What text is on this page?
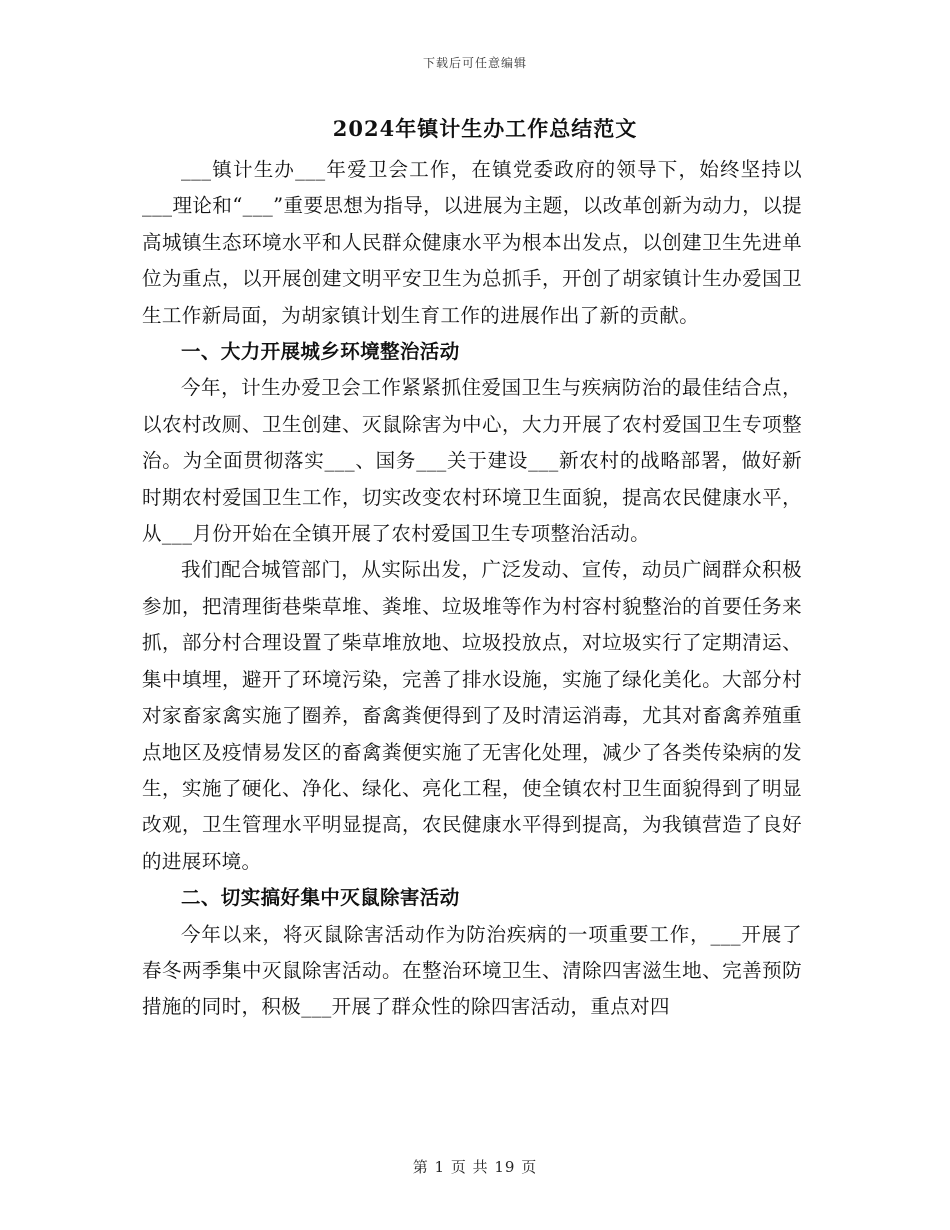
下载后可任意编辑
2024年镇计生办工作总结范文

___镇计生办___年爱卫会工作，在镇党委政府的领导下，始终坚持以___理论和“___”重要思想为指导，以进展为主题，以改革创新为动力，以提高城镇生态环境水平和人民群众健康水平为根本出发点，以创建卫生先进单位为重点，以开展创建文明平安卫生为总抓手，开创了胡家镇计生办爱国卫生工作新局面，为胡家镇计划生育工作的进展作出了新的贡献。

一、大力开展城乡环境整治活动

今年，计生办爱卫会工作紧紧抓住爱国卫生与疾病防治的最佳结合点，以农村改厕、卫生创建、灭鼠除害为中心，大力开展了农村爱国卫生专项整治。为全面贯彻落实___、国务___关于建设___新农村的战略部署，做好新时期农村爱国卫生工作，切实改变农村环境卫生面貌，提高农民健康水平，从___月份开始在全镇开展了农村爱国卫生专项整治活动。

我们配合城管部门，从实际出发，广泛发动、宣传，动员广阔群众积极参加，把清理街巷柴草堆、粪堆、垃圾堆等作为村容村貌整治的首要任务来抓，部分村合理设置了柴草堆放地、垃圾投放点，对垃圾实行了定期清运、集中填埋，避开了环境污染，完善了排水设施，实施了绿化美化。大部分村对家畜家禽实施了圈养，畜禽粪便得到了及时清运消毒，尤其对畜禽养殖重点地区及疫情易发区的畜禽粪便实施了无害化处理，减少了各类传染病的发生，实施了硬化、净化、绿化、亮化工程，使全镇农村卫生面貌得到了明显改观，卫生管理水平明显提高，农民健康水平得到提高，为我镇营造了良好的进展环境。

二、切实搞好集中灭鼠除害活动

今年以来，将灭鼠除害活动作为防治疾病的一项重要工作，___开展了春冬两季集中灭鼠除害活动。在整治环境卫生、清除四害滋生地、完善预防措施的同时，积极___开展了群众性的除四害活动，重点对四

第 1 页 共 19 页
